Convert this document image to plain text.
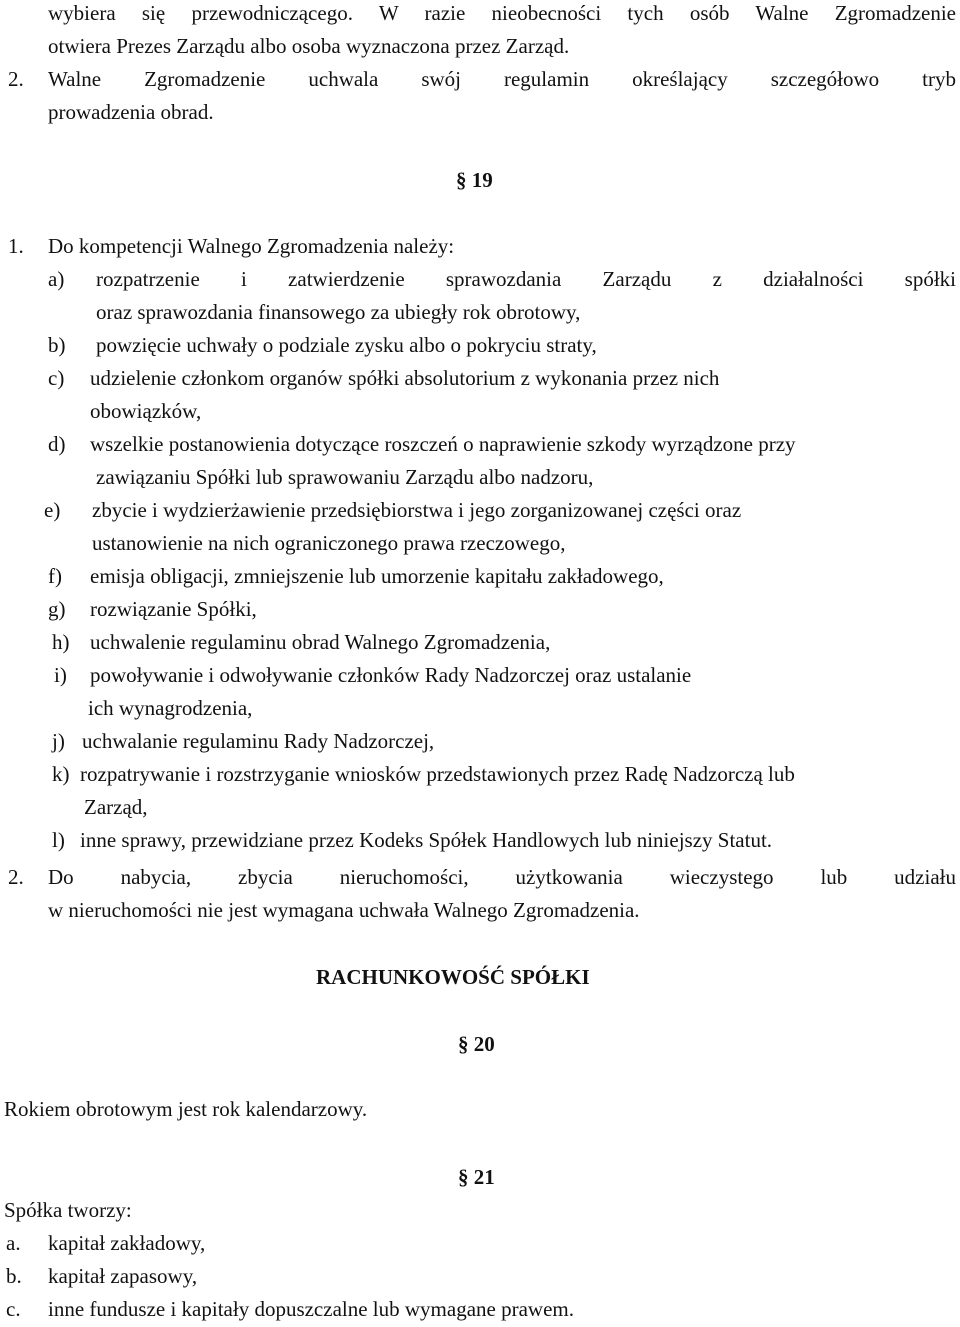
wybiera się przewodniczącego. W razie nieobecności tych osób Walne Zgromadzenie
otwiera Prezes Zarządu albo osoba wyznaczona przez Zarząd.
2. Walne Zgromadzenie uchwala swój regulamin określający szczegółowo tryb
prowadzenia obrad.
§ 19
1. Do kompetencji Walnego Zgromadzenia należy:
a) rozpatrzenie i zatwierdzenie sprawozdania Zarządu z działalności spółki
oraz sprawozdania finansowego za ubiegły rok obrotowy,
b) powzięcie uchwały o podziale zysku albo o pokryciu straty,
c) udzielenie członkom organów spółki absolutorium z wykonania przez nich
obowiązków,
d) wszelkie postanowienia dotyczące roszczeń o naprawienie szkody wyrządzone przy
zawiązaniu Spółki lub sprawowaniu Zarządu albo nadzoru,
e) zbycie i wydzierżawienie przedsiębiorstwa i jego zorganizowanej części oraz
ustanowienie na nich ograniczonego prawa rzeczowego,
f) emisja obligacji, zmniejszenie lub umorzenie kapitału zakładowego,
g) rozwiązanie Spółki,
h) uchwalenie regulaminu obrad Walnego Zgromadzenia,
i) powoływanie i odwoływanie członków Rady Nadzorczej oraz ustalanie
ich wynagrodzenia,
j) uchwalanie regulaminu Rady Nadzorczej,
k) rozpatrywanie i rozstrzyganie wniosków przedstawionych przez Radę Nadzorczą lub
Zarząd,
l) inne sprawy, przewidziane przez Kodeks Spółek Handlowych lub niniejszy Statut.
2. Do nabycia, zbycia nieruchomości, użytkowania wieczystego lub udziału
w nieruchomości nie jest wymagana uchwała Walnego Zgromadzenia.
RACHUNKOWOŚĆ SPÓŁKI
§ 20
Rokiem obrotowym jest rok kalendarzowy.
§ 21
Spółka tworzy:
a. kapitał zakładowy,
b. kapitał zapasowy,
c. inne fundusze i kapitały dopuszczalne lub wymagane prawem.
